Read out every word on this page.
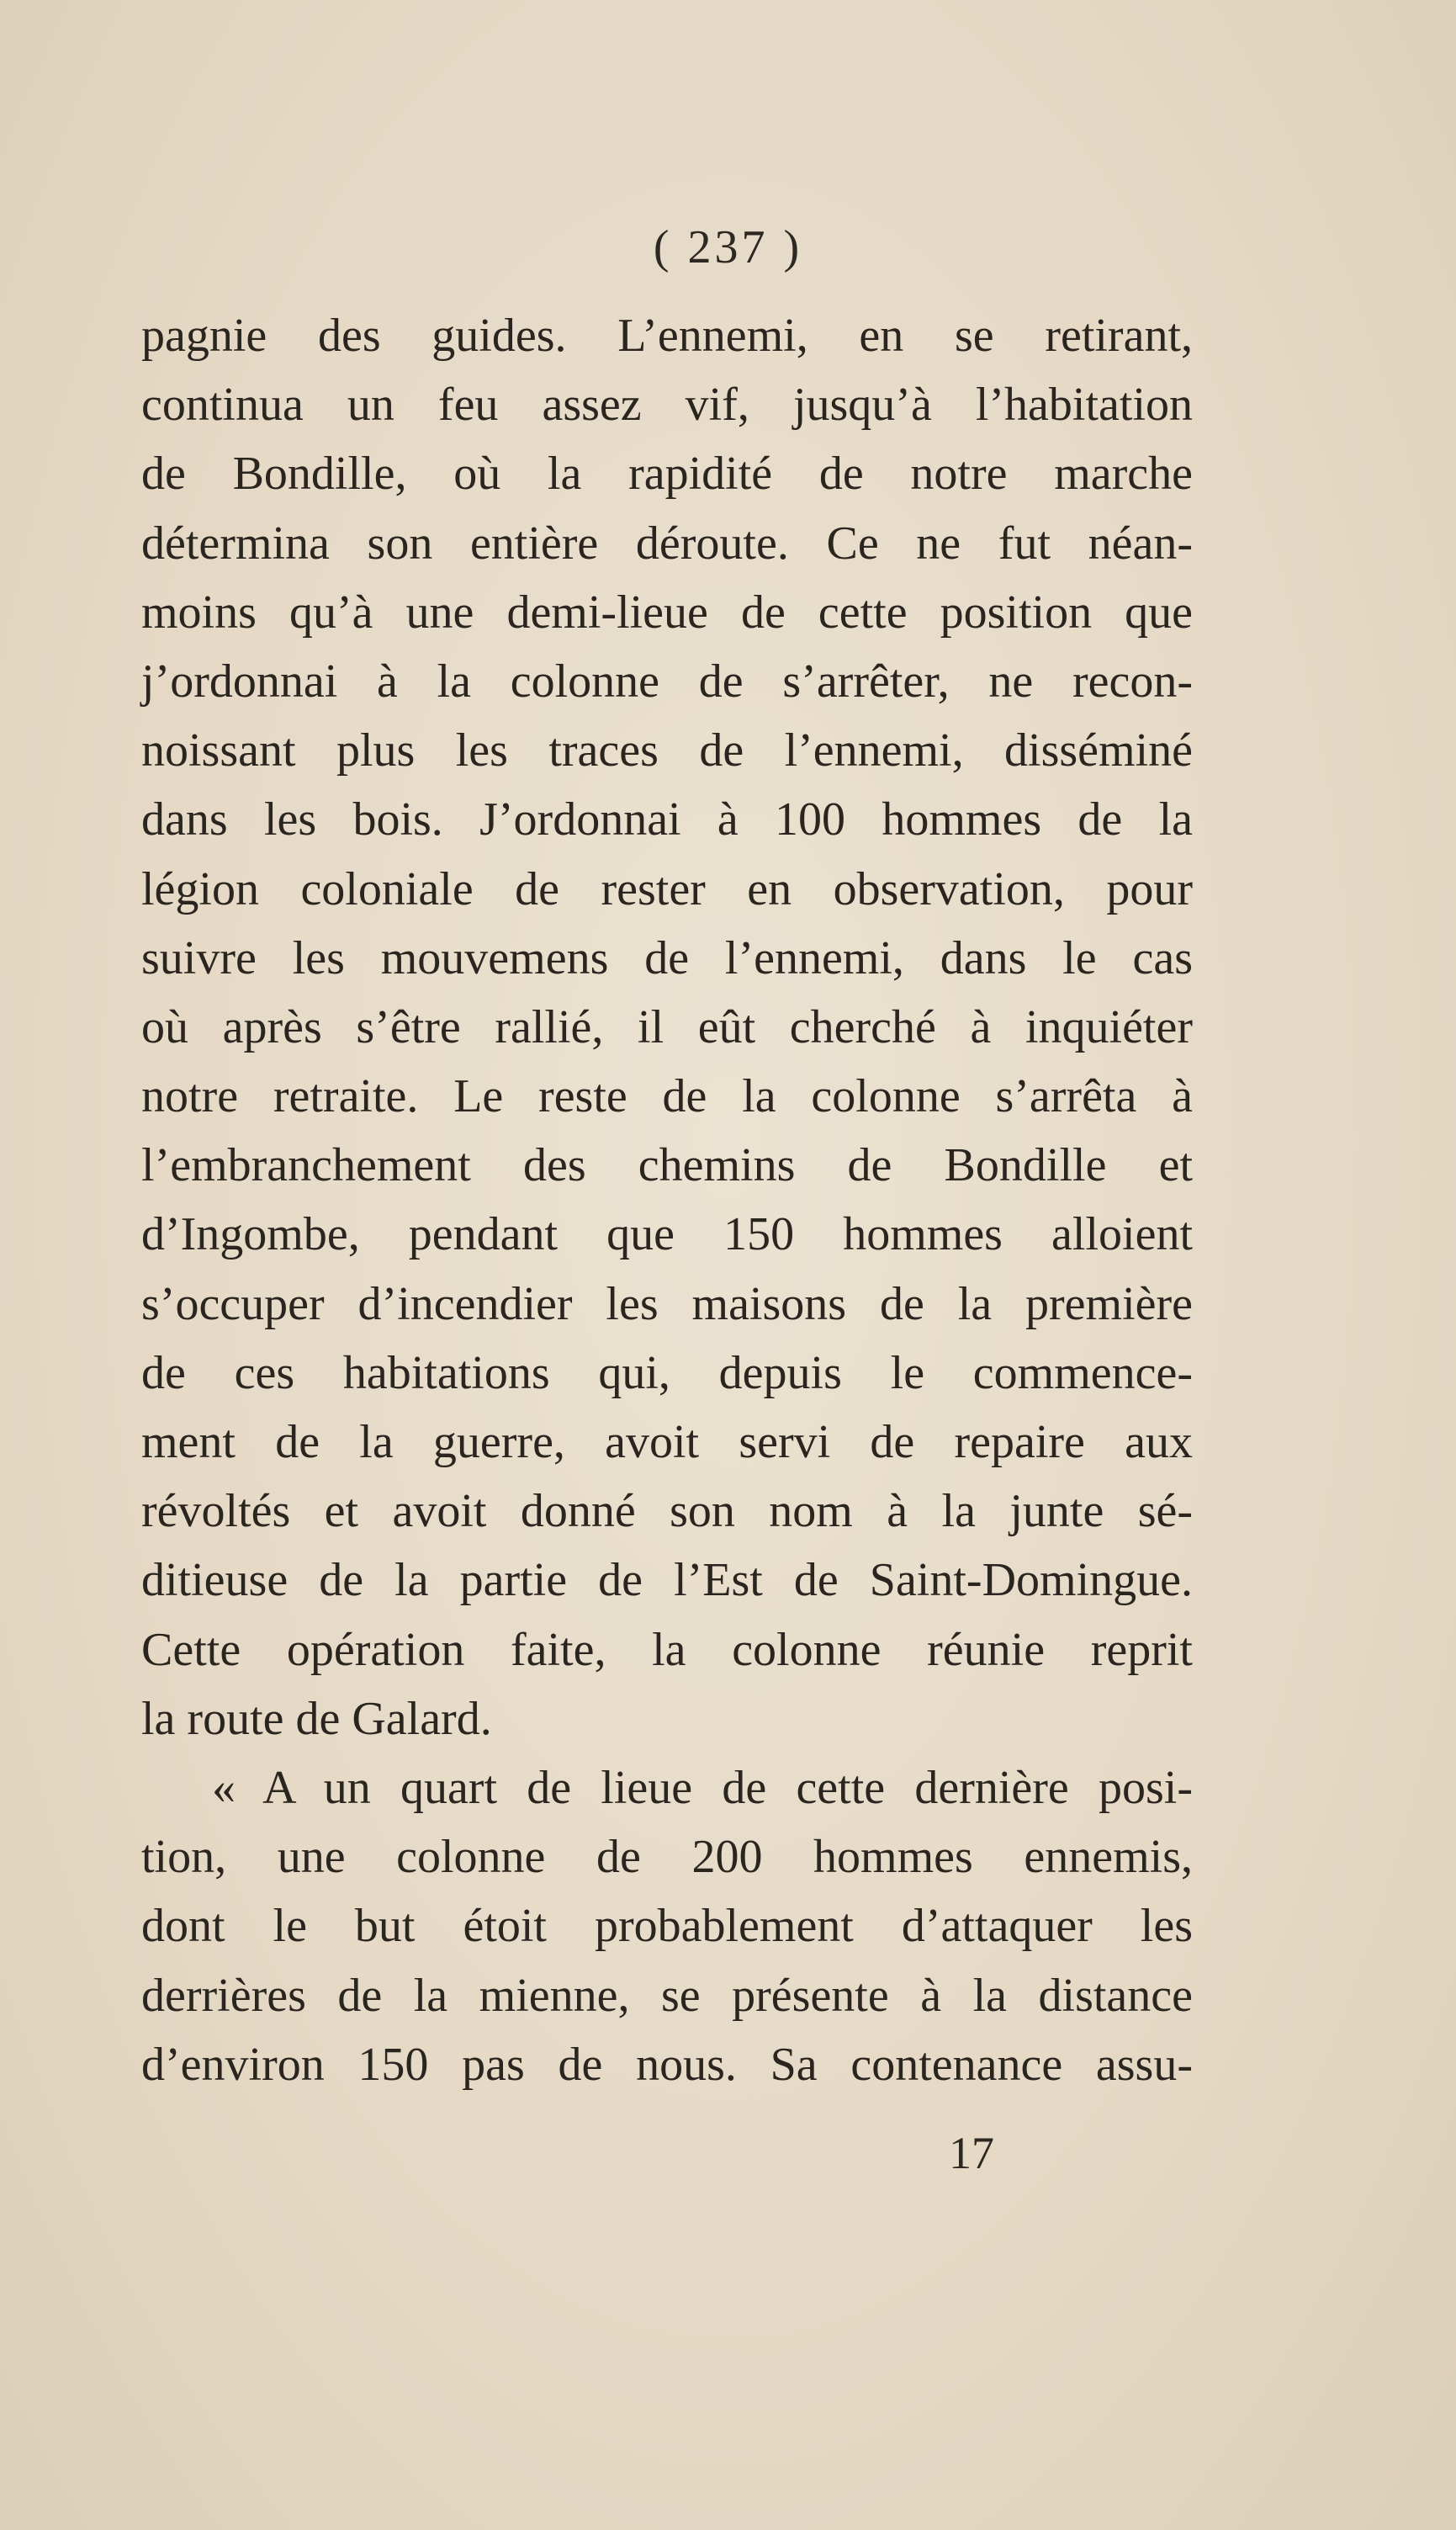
( 237 )
pagnie des guides. L’ennemi, en se retirant,
continua un feu assez vif, jusqu’à l’habitation
de Bondille, où la rapidité de notre marche
détermina son entière déroute. Ce ne fut néan-
moins qu’à une demi-lieue de cette position que
j’ordonnai à la colonne de s’arrêter, ne recon-
noissant plus les traces de l’ennemi, disséminé
dans les bois. J’ordonnai à 100 hommes de la
légion coloniale de rester en observation, pour
suivre les mouvemens de l’ennemi, dans le cas
où après s’être rallié, il eût cherché à inquiéter
notre retraite. Le reste de la colonne s’arrêta à
l’embranchement des chemins de Bondille et
d’Ingombe, pendant que 150 hommes alloient
s’occuper d’incendier les maisons de la première
de ces habitations qui, depuis le commence-
ment de la guerre, avoit servi de repaire aux
révoltés et avoit donné son nom à la junte sé-
ditieuse de la partie de l’Est de Saint-Domingue.
Cette opération faite, la colonne réunie reprit
la route de Galard.
« A un quart de lieue de cette dernière posi-
tion, une colonne de 200 hommes ennemis,
dont le but étoit probablement d’attaquer les
derrières de la mienne, se présente à la distance
d’environ 150 pas de nous. Sa contenance assu-
17
